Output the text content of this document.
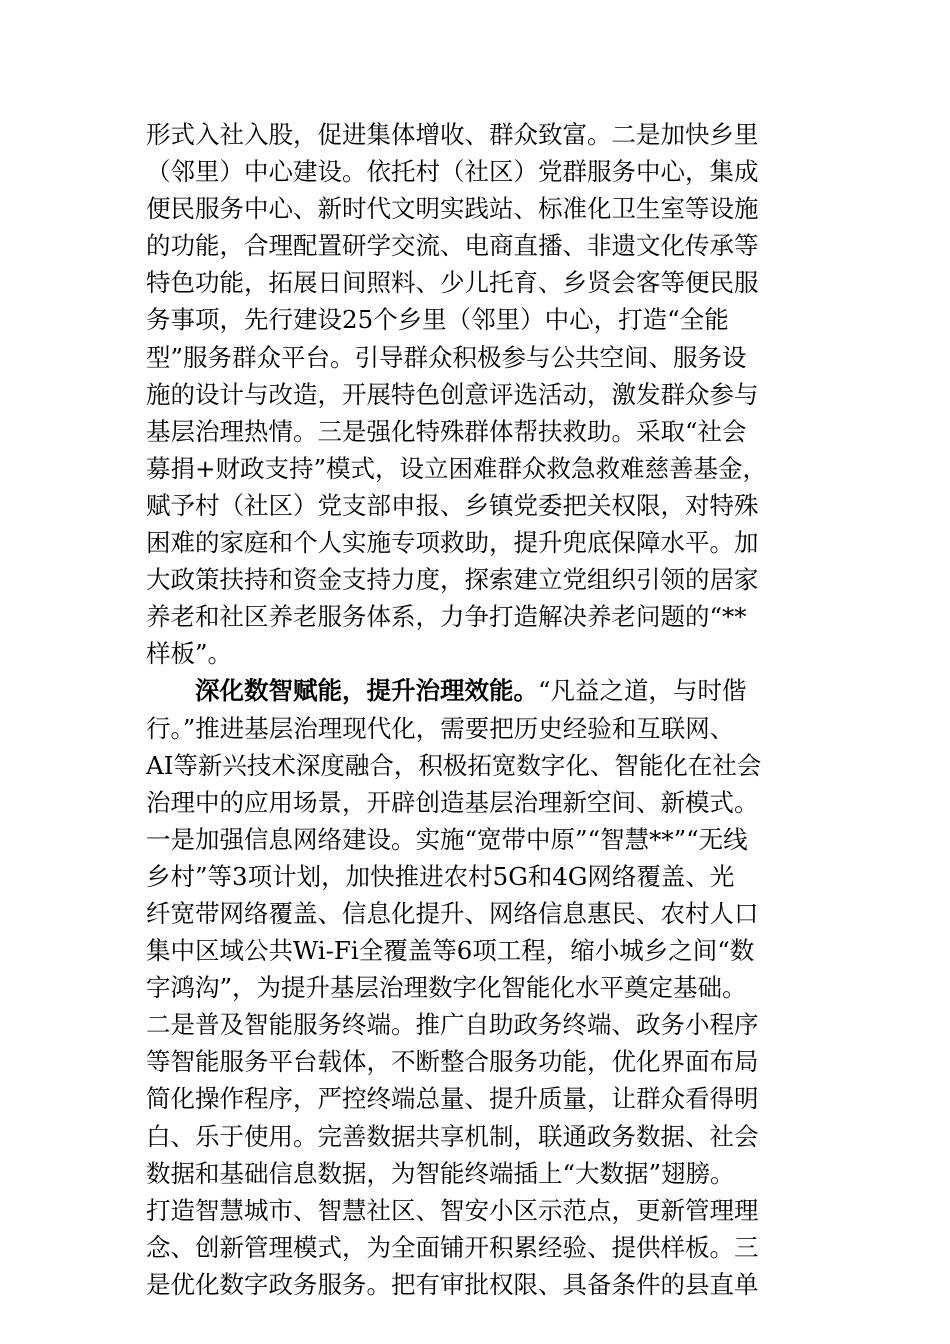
形式入社入股，促进集体增收、群众致富。二是加快乡里
（邻里）中心建设。依托村（社区）党群服务中心，集成
便民服务中心、新时代文明实践站、标准化卫生室等设施
的功能，合理配置研学交流、电商直播、非遗文化传承等
特色功能，拓展日间照料、少儿托育、乡贤会客等便民服
务事项，先行建设25个乡里（邻里）中心，打造“全能
型”服务群众平台。引导群众积极参与公共空间、服务设
施的设计与改造，开展特色创意评选活动，激发群众参与
基层治理热情。三是强化特殊群体帮扶救助。采取“社会
募捐+财政支持”模式，设立困难群众救急救难慈善基金，
赋予村（社区）党支部申报、乡镇党委把关权限，对特殊
困难的家庭和个人实施专项救助，提升兜底保障水平。加
大政策扶持和资金支持力度，探索建立党组织引领的居家
养老和社区养老服务体系，力争打造解决养老问题的“**
样板”。
深化数智赋能，提升治理效能。“凡益之道，与时偕
行。”推进基层治理现代化，需要把历史经验和互联网、
AI等新兴技术深度融合，积极拓宽数字化、智能化在社会
治理中的应用场景，开辟创造基层治理新空间、新模式。
一是加强信息网络建设。实施“宽带中原”“智慧**”“无线
乡村”等3项计划，加快推进农村5G和4G网络覆盖、光
纤宽带网络覆盖、信息化提升、网络信息惠民、农村人口
集中区域公共Wi-Fi全覆盖等6项工程，缩小城乡之间“数
字鸿沟”，为提升基层治理数字化智能化水平奠定基础。
二是普及智能服务终端。推广自助政务终端、政务小程序
等智能服务平台载体，不断整合服务功能，优化界面布局
简化操作程序，严控终端总量、提升质量，让群众看得明
白、乐于使用。完善数据共享机制，联通政务数据、社会
数据和基础信息数据，为智能终端插上“大数据”翅膀。
打造智慧城市、智慧社区、智安小区示范点，更新管理理
念、创新管理模式，为全面铺开积累经验、提供样板。三
是优化数字政务服务。把有审批权限、具备条件的县直单
